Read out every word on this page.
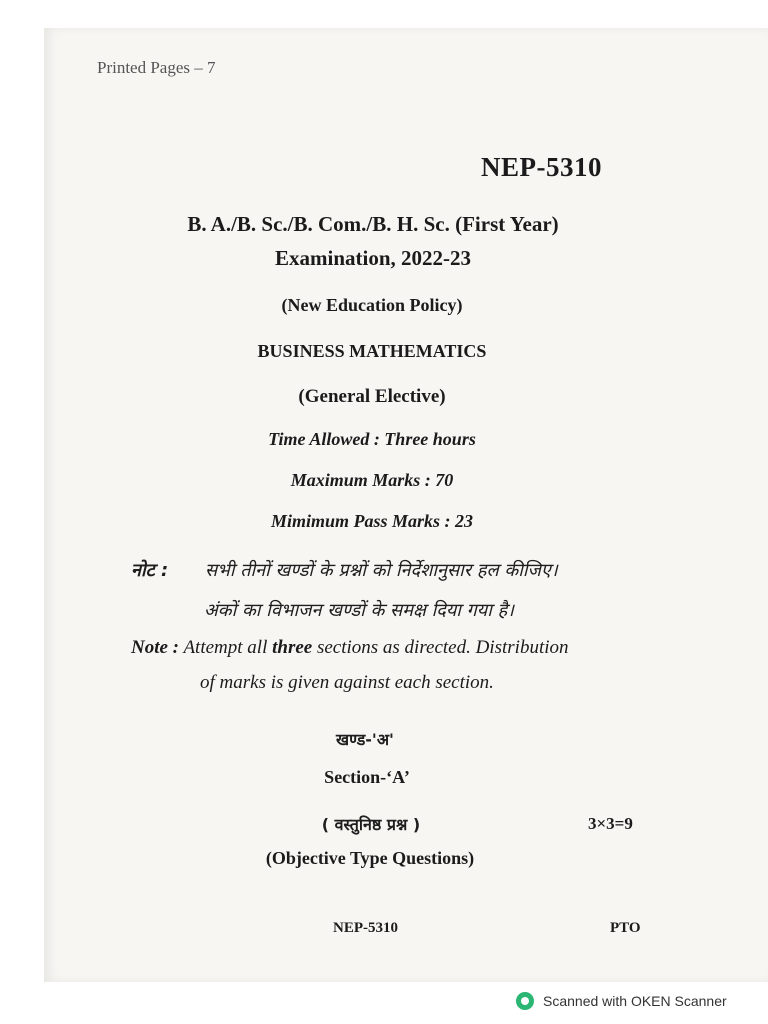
Printed Pages – 7
NEP-5310
B. A./B. Sc./B. Com./B. H. Sc. (First Year)
Examination, 2022-23
(New Education Policy)
BUSINESS MATHEMATICS
(General Elective)
Time Allowed : Three hours
Maximum Marks : 70
Mimimum Pass Marks : 23
नोट : सभी तीनों खण्डों के प्रश्नों को निर्देशानुसार हल कीजिए।
अंकों का विभाजन खण्डों के समक्ष दिया गया है।
Note : Attempt all three sections as directed. Distribution
of marks is given against each section.
खण्ड-'अ'
Section-‘A’
( वस्तुनिष्ठ प्रश्न )	3×3=9
(Objective Type Questions)
NEP-5310	PTO
Scanned with OKEN Scanner
